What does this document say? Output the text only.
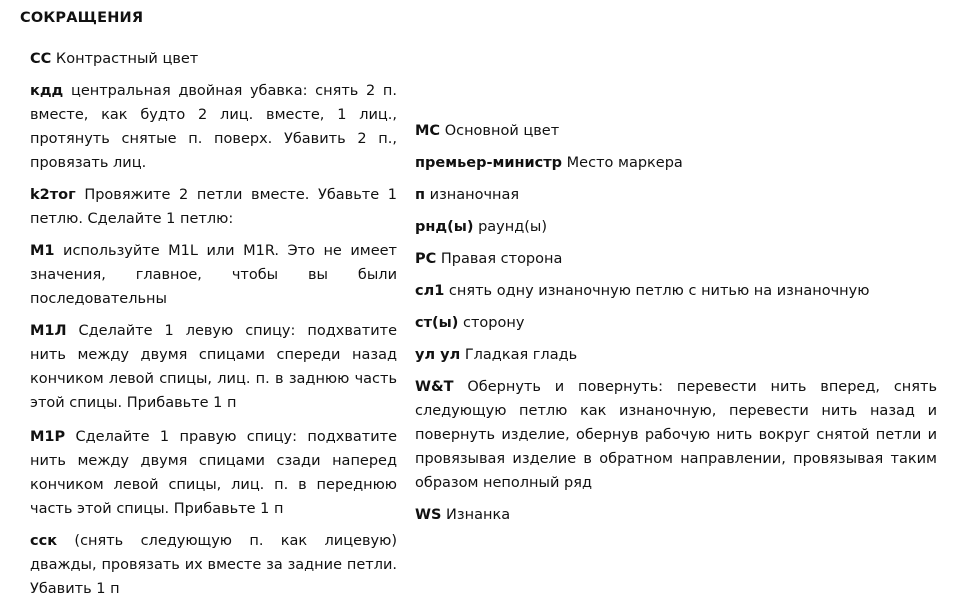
СОКРАЩЕНИЯ

CC Контрастный цвет

кдд центральная двойная убавка: снять 2 п. вместе, как будто 2 лиц. вместе, 1 лиц., протянуть снятые п. поверх. Убавить 2 п., провязать лиц.

k2тог Провяжите 2 петли вместе. Убавьте 1 петлю. Сделайте 1 петлю:

M1 используйте M1L или M1R. Это не имеет значения, главное, чтобы вы были последовательны

M1Л Сделайте 1 левую спицу: подхватите нить между двумя спицами спереди назад кончиком левой спицы, лиц. п. в заднюю часть этой спицы. Прибавьте 1 п

M1P Сделайте 1 правую спицу: подхватите нить между двумя спицами сзади наперед кончиком левой спицы, лиц. п. в переднюю часть этой спицы. Прибавьте 1 п

сск (снять следующую п. как лицевую) дважды, провязать их вместе за задние петли. Убавить 1 п

MC Основной цвет

премьер-министр Место маркера

п изнаночная

рнд(ы) раунд(ы)

PC Правая сторона

сл1 снять одну изнаночную петлю с нитью на изнаночную

ст(ы) сторону

ул ул Гладкая гладь

W&T Обернуть и повернуть: перевести нить вперед, снять следующую петлю как изнаночную, перевести нить назад и повернуть изделие, обернув рабочую нить вокруг снятой петли и провязывая изделие в обратном направлении, провязывая таким образом неполный ряд

WS Изнанка
